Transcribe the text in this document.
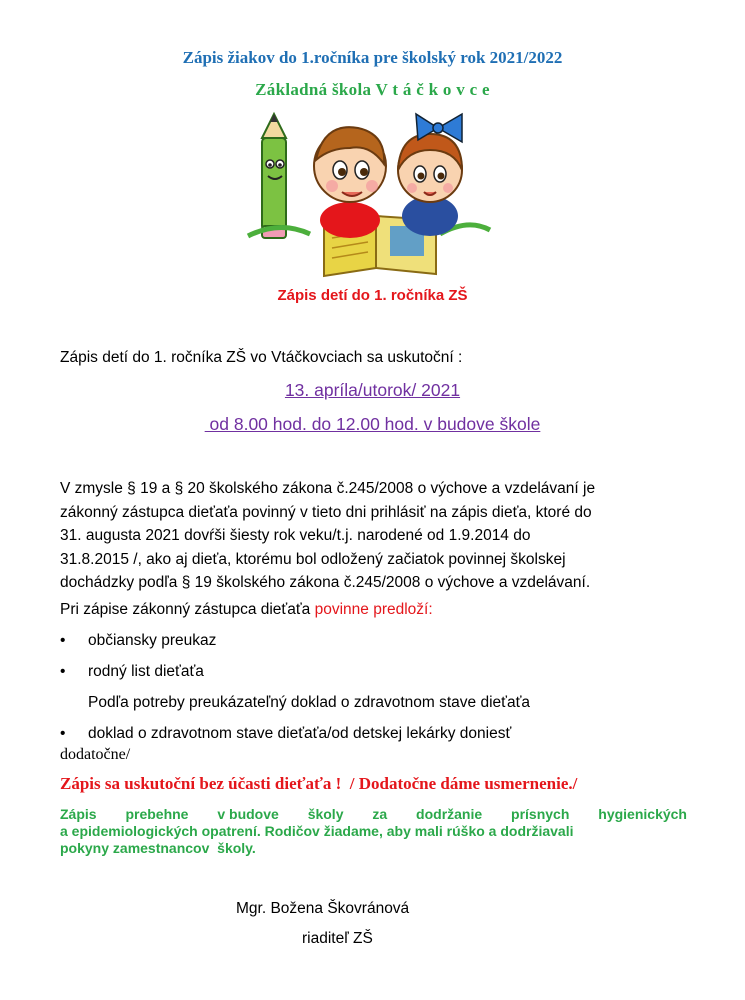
Zápis žiakov do 1.ročníka pre školský rok 2021/2022
Základná škola V t á č k o v c e
Zápis detí do 1. ročníka ZŠ
Zápis detí do 1. ročníka ZŠ vo Vtáčkovciach sa uskutoční :
13. apríla/utorok/ 2021
od 8.00 hod. do 12.00 hod. v budove škole
V zmysle § 19 a § 20 školského zákona č.245/2008 o výchove a vzdelávaní je
zákonný zástupca dieťaťa povinný v tieto dni prihlásiť na zápis dieťa, ktoré do
31. augusta 2021 dovŕši šiesty rok veku/t.j. narodené od 1.9.2014 do
31.8.2015 /, ako aj dieťa, ktorému bol odložený začiatok povinnej školskej
dochádzky podľa § 19 školského zákona č.245/2008 o výchove a vzdelávaní.
Pri zápise zákonný zástupca dieťaťa povinne predloží:
• občiansky preukaz
• rodný list dieťaťa
Podľa potreby preukázateľný doklad o zdravotnom stave dieťaťa
• doklad o zdravotnom stave dieťaťa/od detskej lekárky doniesť
dodatočne/
Zápis sa uskutoční bez účasti dieťaťa !  / Dodatočne dáme usmernenie./
Zápis prebehne v budove školy za dodržanie prísnych hygienických
a epidemiologických opatrení. Rodičov žiadame, aby mali rúško a dodržiavali
pokyny zamestnancov  školy.
Mgr. Božena Škovránová
riaditeľ ZŠ
